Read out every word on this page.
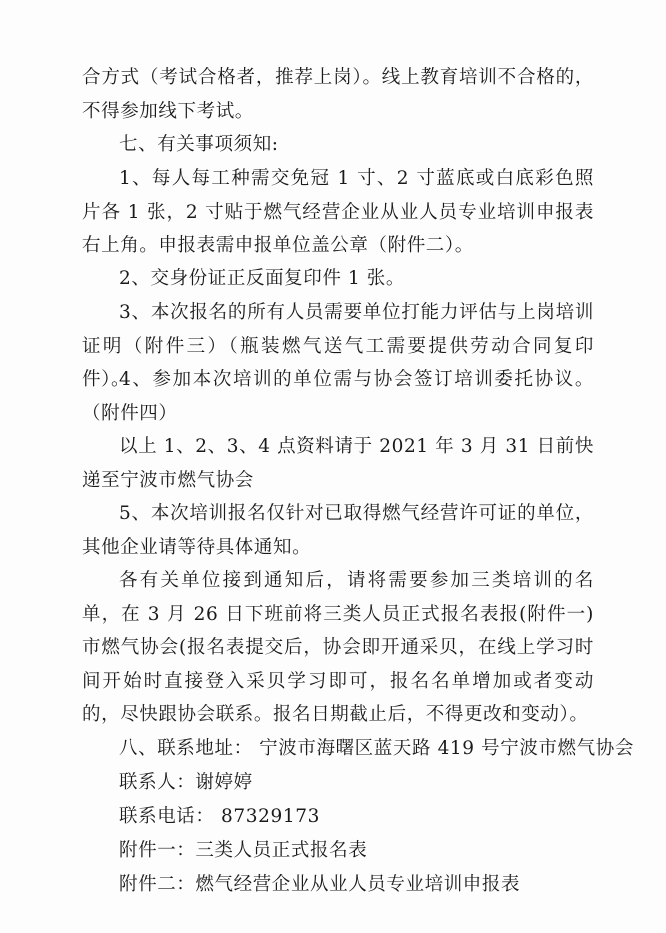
合方式（考试合格者，推荐上岗）。线上教育培训不合格的，不得参加线下考试。

七、有关事项须知:

1、每人每工种需交免冠 1 寸、2 寸蓝底或白底彩色照片各 1 张，2 寸贴于燃气经营企业从业人员专业培训申报表右上角。申报表需申报单位盖公章（附件二）。

2、交身份证正反面复印件 1 张。

3、本次报名的所有人员需要单位打能力评估与上岗培训证明（附件三）（瓶装燃气送气工需要提供劳动合同复印件）。

4、参加本次培训的单位需与协会签订培训委托协议。（附件四）

以上 1、2、3、4 点资料请于 2021 年 3 月 31 日前快递至宁波市燃气协会

5、本次培训报名仅针对已取得燃气经营许可证的单位，其他企业请等待具体通知。

各有关单位接到通知后，请将需要参加三类培训的名单，在 3 月 26 日下班前将三类人员正式报名表报(附件一)市燃气协会(报名表提交后，协会即开通采贝，在线上学习时间开始时直接登入采贝学习即可，报名名单增加或者变动的，尽快跟协会联系。报名日期截止后，不得更改和变动）。

八、联系地址： 宁波市海曙区蓝天路 419 号宁波市燃气协会

联系人：谢婷婷

联系电话： 87329173

附件一：三类人员正式报名表

附件二：燃气经营企业从业人员专业培训申报表
